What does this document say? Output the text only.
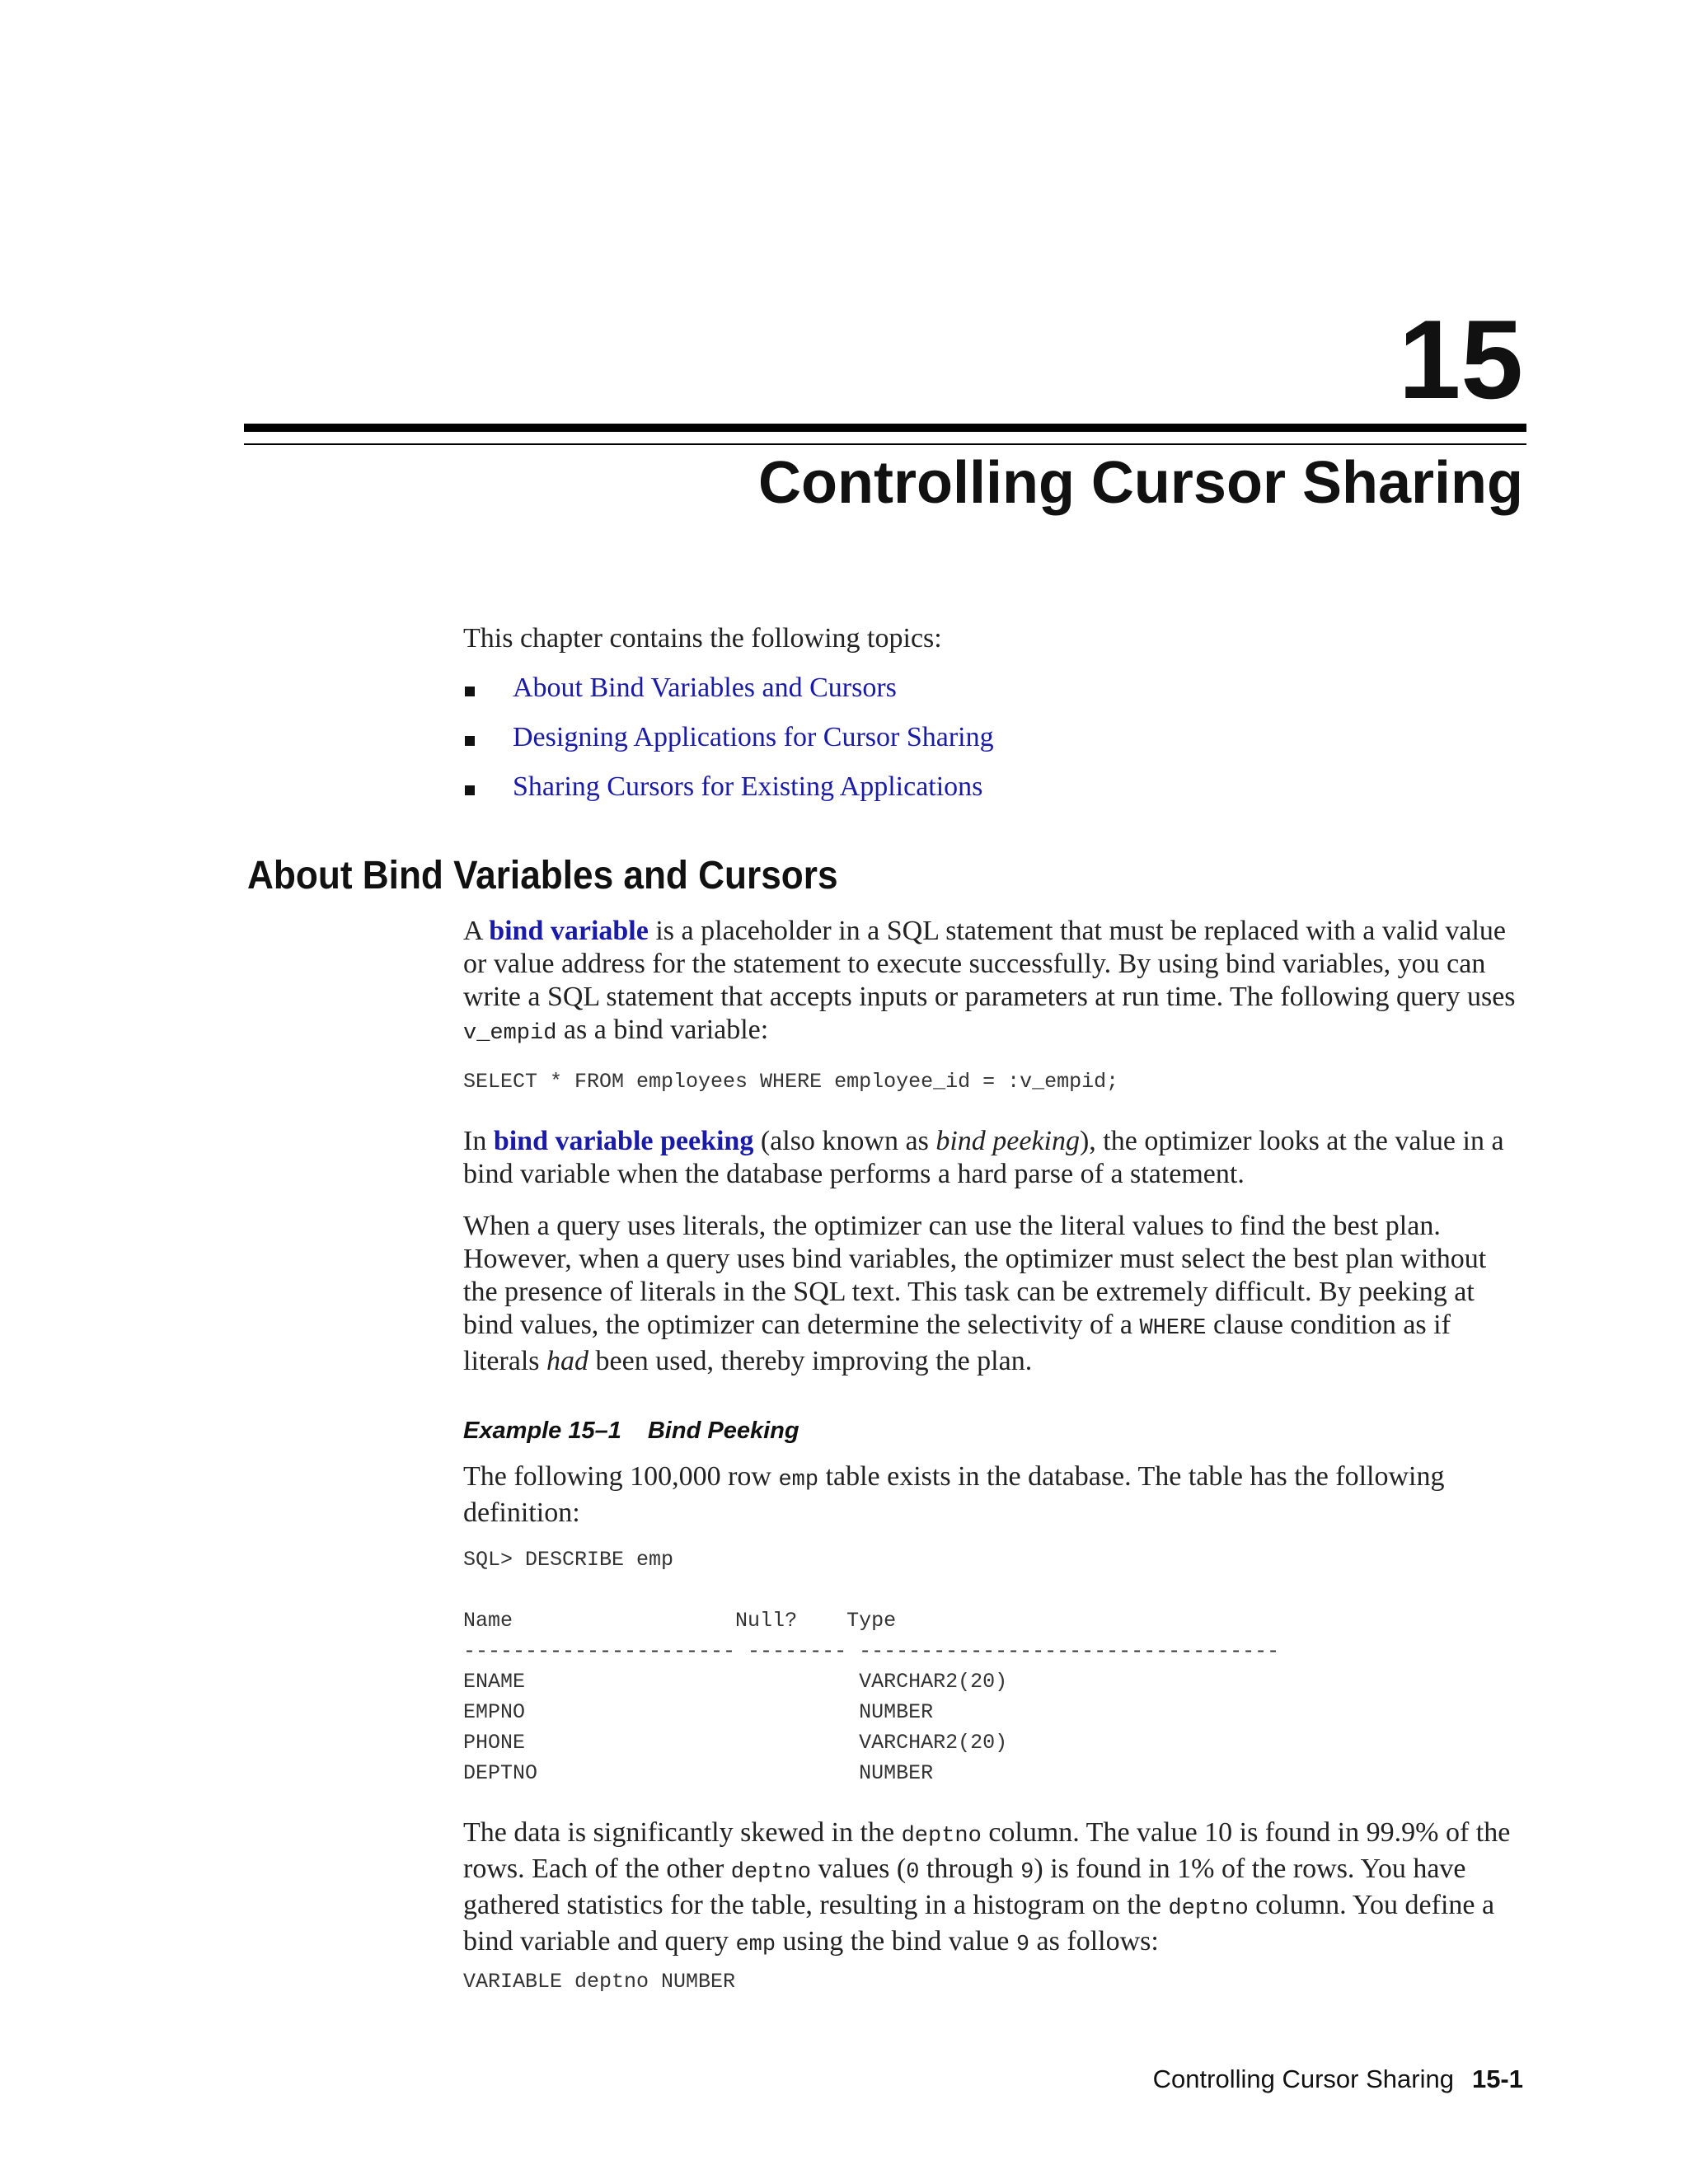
15
Controlling Cursor Sharing

This chapter contains the following topics:

About Bind Variables and Cursors
Designing Applications for Cursor Sharing
Sharing Cursors for Existing Applications
About Bind Variables and Cursors

A bind variable is a placeholder in a SQL statement that must be replaced with a valid value or value address for the statement to execute successfully. By using bind variables, you can write a SQL statement that accepts inputs or parameters at run time. The following query uses v_empid as a bind variable:

SELECT * FROM employees WHERE employee_id = :v_empid;

In bind variable peeking (also known as bind peeking), the optimizer looks at the value in a bind variable when the database performs a hard parse of a statement.

When a query uses literals, the optimizer can use the literal values to find the best plan. However, when a query uses bind variables, the optimizer must select the best plan without the presence of literals in the SQL text. This task can be extremely difficult. By peeking at bind values, the optimizer can determine the selectivity of a WHERE clause condition as if literals had been used, thereby improving the plan.

Example 15–1 Bind Peeking

The following 100,000 row emp table exists in the database. The table has the following definition:

SQL> DESCRIBE emp

Name                  Null?    Type
---------------------- -------- ----------------------------------
ENAME                           VARCHAR2(20)
EMPNO                           NUMBER
PHONE                           VARCHAR2(20)
DEPTNO                          NUMBER

The data is significantly skewed in the deptno column. The value 10 is found in 99.9% of the rows. Each of the other deptno values (0 through 9) is found in 1% of the rows. You have gathered statistics for the table, resulting in a histogram on the deptno column. You define a bind variable and query emp using the bind value 9 as follows:

VARIABLE deptno NUMBER
Controlling Cursor Sharing 15-1
